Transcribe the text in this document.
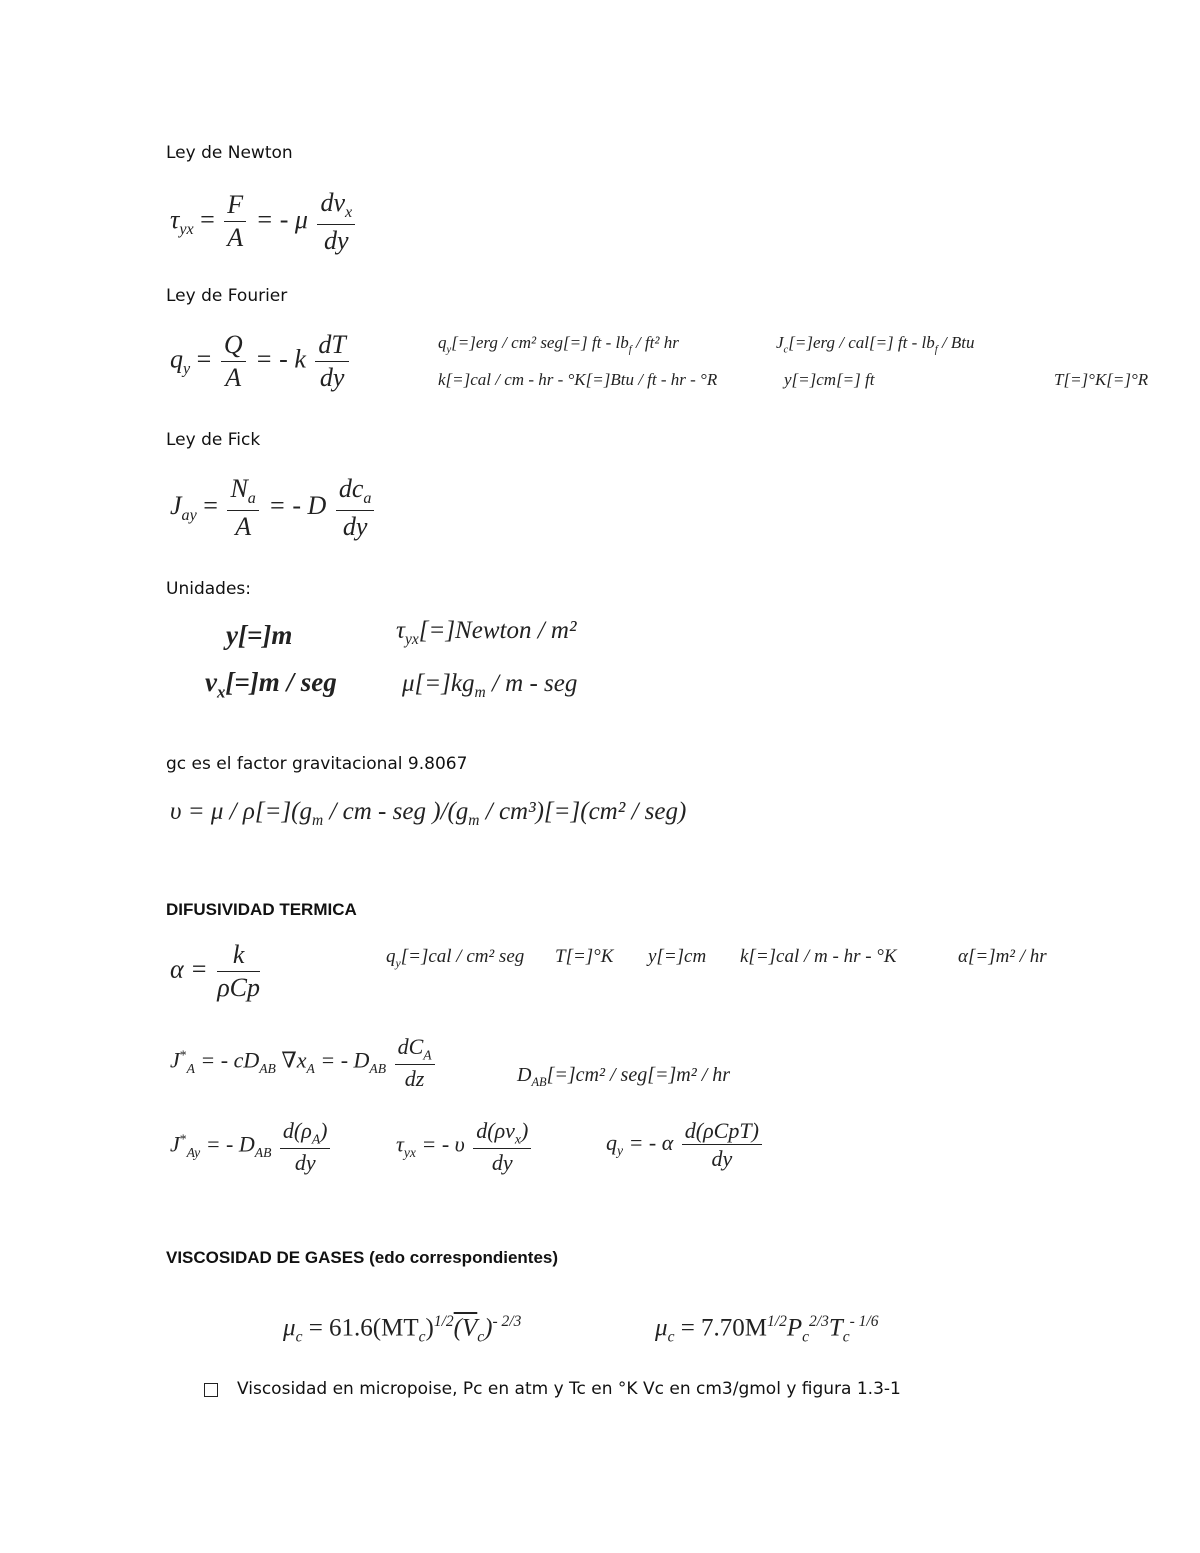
Ley de Newton
$\tau_{yx} = \frac{F}{A}$ = - μ $\frac{dv_x}{dy}$
Ley de Fourier
$q_y = \frac{Q}{A}$ = - k $\frac{dT}{dy}$	$q_y[=]erg / cm^2$ seg[=] ft - $lb_f / ft^2$ hr	$J_c[=]erg / cal[=]$ ft - $lb_f$ / Btu
k[=]cal / cm - hr - °K[=]Btu / ft - hr - °R	y[=]cm[=] ft	T[=]°K[=]°R
Ley de Fick
$J_{ay} = \frac{N_a}{A}$ = - D $\frac{dc_a}{dy}$
Unidades:
y[=]m	$\tau_{yx}[=]Newton / m^2$
$v_x[=]m$ / seg	$\mu[=]kg_m / m$ - seg
gc es el factor gravitacional 9.8067
$\upsilon = \mu / \rho[=](g_m$ / cm - seg )$/(g_m / cm^3)[=](cm^2 / seg)$
DIFUSIVIDAD TERMICA
$\alpha = \frac{k}{\text{ρCp}}$	$q_y[=]cal / cm^2$ seg T[=]°K y[=]cm k[=]cal / m - hr - °K	α[=]m² / hr
$J^*_A$ = - $cD_{AB}$ $\nabla x_A$ = - $D_{AB} \frac{dC_A}{dz}$	$D_{AB}[=]cm^2 / seg[=]m^2$ / hr
$J^*_{Ay}$ = - $D_{AB} \frac{d(\rho_A)}{dy}$	$\tau_{yx}$ = - υ $\frac{d(\rho v_x)}{dy}$	$q_y$ = - α $\frac{\text{d(ρCpT)}}{dy}$
VISCOSIDAD DE GASES (edo correspondientes)
$\mu_c = 61.6(MT_c)^{1/2}(V_c)^{- 2/3}$	$\mu_c = 7.70M^{1/2}P_c^{2/3}T_c^{- 1/6}$
Viscosidad en micropoise, Pc en atm y Tc en °K Vc en cm3/gmol y figura 1.3-1
